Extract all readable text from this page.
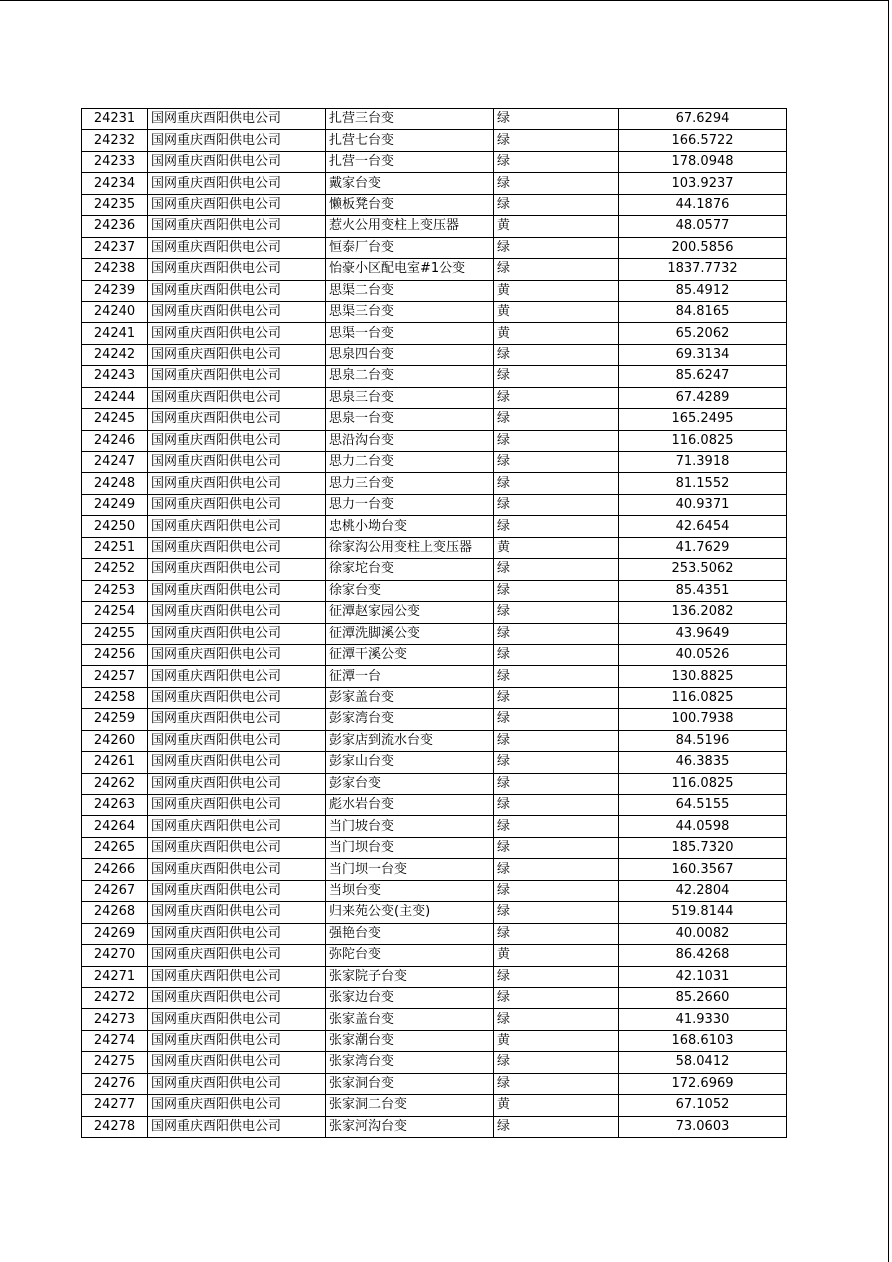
24231	国网重庆酉阳供电公司	扎营三台变	绿	67.6294
24232	国网重庆酉阳供电公司	扎营七台变	绿	166.5722
24233	国网重庆酉阳供电公司	扎营一台变	绿	178.0948
24234	国网重庆酉阳供电公司	戴家台变	绿	103.9237
24235	国网重庆酉阳供电公司	懒板凳台变	绿	44.1876
24236	国网重庆酉阳供电公司	惹火公用变柱上变压器	黄	48.0577
24237	国网重庆酉阳供电公司	恒泰厂台变	绿	200.5856
24238	国网重庆酉阳供电公司	怡豪小区配电室#1公变	绿	1837.7732
24239	国网重庆酉阳供电公司	思渠二台变	黄	85.4912
24240	国网重庆酉阳供电公司	思渠三台变	黄	84.8165
24241	国网重庆酉阳供电公司	思渠一台变	黄	65.2062
24242	国网重庆酉阳供电公司	思泉四台变	绿	69.3134
24243	国网重庆酉阳供电公司	思泉二台变	绿	85.6247
24244	国网重庆酉阳供电公司	思泉三台变	绿	67.4289
24245	国网重庆酉阳供电公司	思泉一台变	绿	165.2495
24246	国网重庆酉阳供电公司	思沿沟台变	绿	116.0825
24247	国网重庆酉阳供电公司	思力二台变	绿	71.3918
24248	国网重庆酉阳供电公司	思力三台变	绿	81.1552
24249	国网重庆酉阳供电公司	思力一台变	绿	40.9371
24250	国网重庆酉阳供电公司	忠桃小坳台变	绿	42.6454
24251	国网重庆酉阳供电公司	徐家沟公用变柱上变压器	黄	41.7629
24252	国网重庆酉阳供电公司	徐家坨台变	绿	253.5062
24253	国网重庆酉阳供电公司	徐家台变	绿	85.4351
24254	国网重庆酉阳供电公司	征潭赵家园公变	绿	136.2082
24255	国网重庆酉阳供电公司	征潭洗脚溪公变	绿	43.9649
24256	国网重庆酉阳供电公司	征潭干溪公变	绿	40.0526
24257	国网重庆酉阳供电公司	征潭一台	绿	130.8825
24258	国网重庆酉阳供电公司	彭家盖台变	绿	116.0825
24259	国网重庆酉阳供电公司	彭家湾台变	绿	100.7938
24260	国网重庆酉阳供电公司	彭家店到流水台变	绿	84.5196
24261	国网重庆酉阳供电公司	彭家山台变	绿	46.3835
24262	国网重庆酉阳供电公司	彭家台变	绿	116.0825
24263	国网重庆酉阳供电公司	彪水岩台变	绿	64.5155
24264	国网重庆酉阳供电公司	当门坡台变	绿	44.0598
24265	国网重庆酉阳供电公司	当门坝台变	绿	185.7320
24266	国网重庆酉阳供电公司	当门坝一台变	绿	160.3567
24267	国网重庆酉阳供电公司	当坝台变	绿	42.2804
24268	国网重庆酉阳供电公司	归来苑公变(主变)	绿	519.8144
24269	国网重庆酉阳供电公司	强艳台变	绿	40.0082
24270	国网重庆酉阳供电公司	弥陀台变	黄	86.4268
24271	国网重庆酉阳供电公司	张家院子台变	绿	42.1031
24272	国网重庆酉阳供电公司	张家边台变	绿	85.2660
24273	国网重庆酉阳供电公司	张家盖台变	绿	41.9330
24274	国网重庆酉阳供电公司	张家潮台变	黄	168.6103
24275	国网重庆酉阳供电公司	张家湾台变	绿	58.0412
24276	国网重庆酉阳供电公司	张家洞台变	绿	172.6969
24277	国网重庆酉阳供电公司	张家洞二台变	黄	67.1052
24278	国网重庆酉阳供电公司	张家河沟台变	绿	73.0603
